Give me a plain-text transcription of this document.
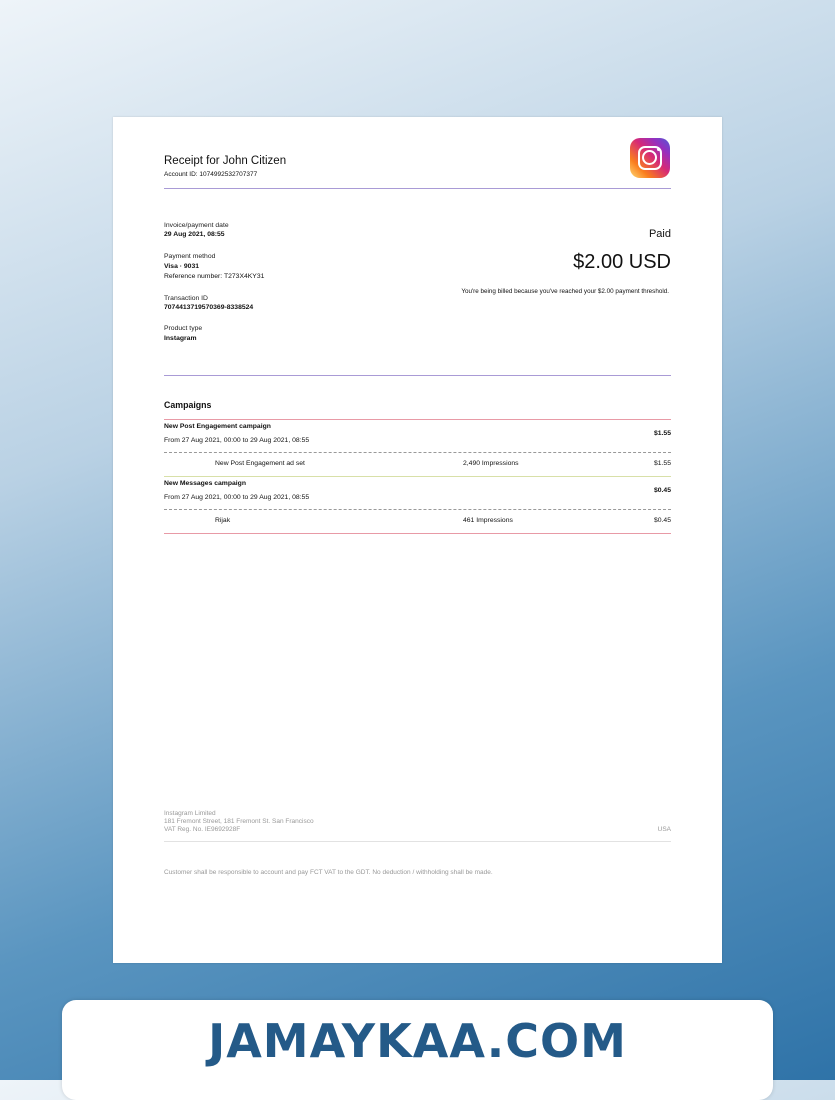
Receipt for John Citizen
Account ID: 1074992532707377
Invoice/payment date
29 Aug 2021, 08:55
Payment method
Visa · 9031
Reference number: T273X4KY31
Transaction ID
7074413719570369-8338524
Product type
Instagram
Paid
$2.00 USD
You're being billed because you've reached your $2.00 payment threshold.
Campaigns
New Post Engagement campaign
From 27 Aug 2021, 00:00 to 29 Aug 2021, 08:55
$1.55
New Post Engagement ad set	2,490 Impressions	$1.55
New Messages campaign
From 27 Aug 2021, 00:00 to 29 Aug 2021, 08:55
$0.45
Rijak	461 Impressions	$0.45
Instagram Limited
181 Fremont Street, 181 Fremont St. San Francisco
VAT Reg. No. IE9692928F	USA
Customer shall be responsible to account and pay FCT VAT to the GDT. No deduction / withholding shall be made.
JAMAYKAA.COM
